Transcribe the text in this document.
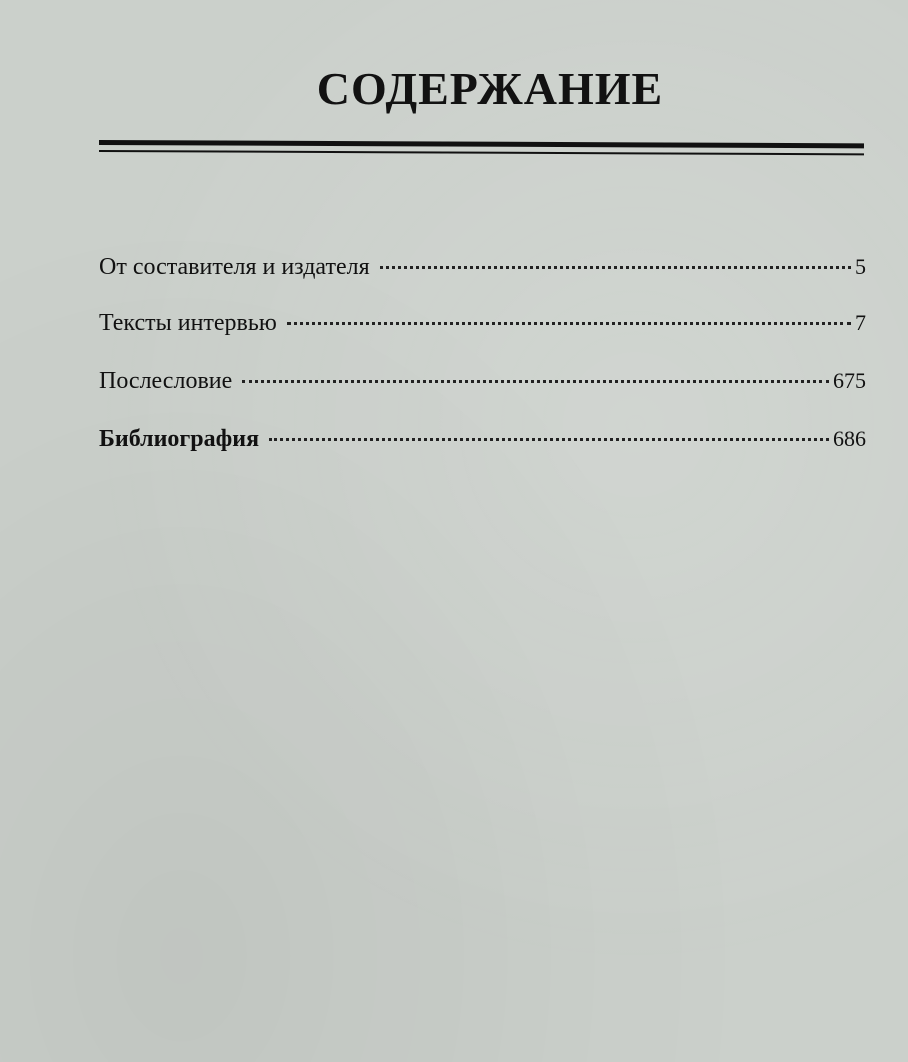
СОДЕРЖАНИЕ
От составителя и издателя	5
Тексты интервью	7
Послесловие	675
Библиография	686
